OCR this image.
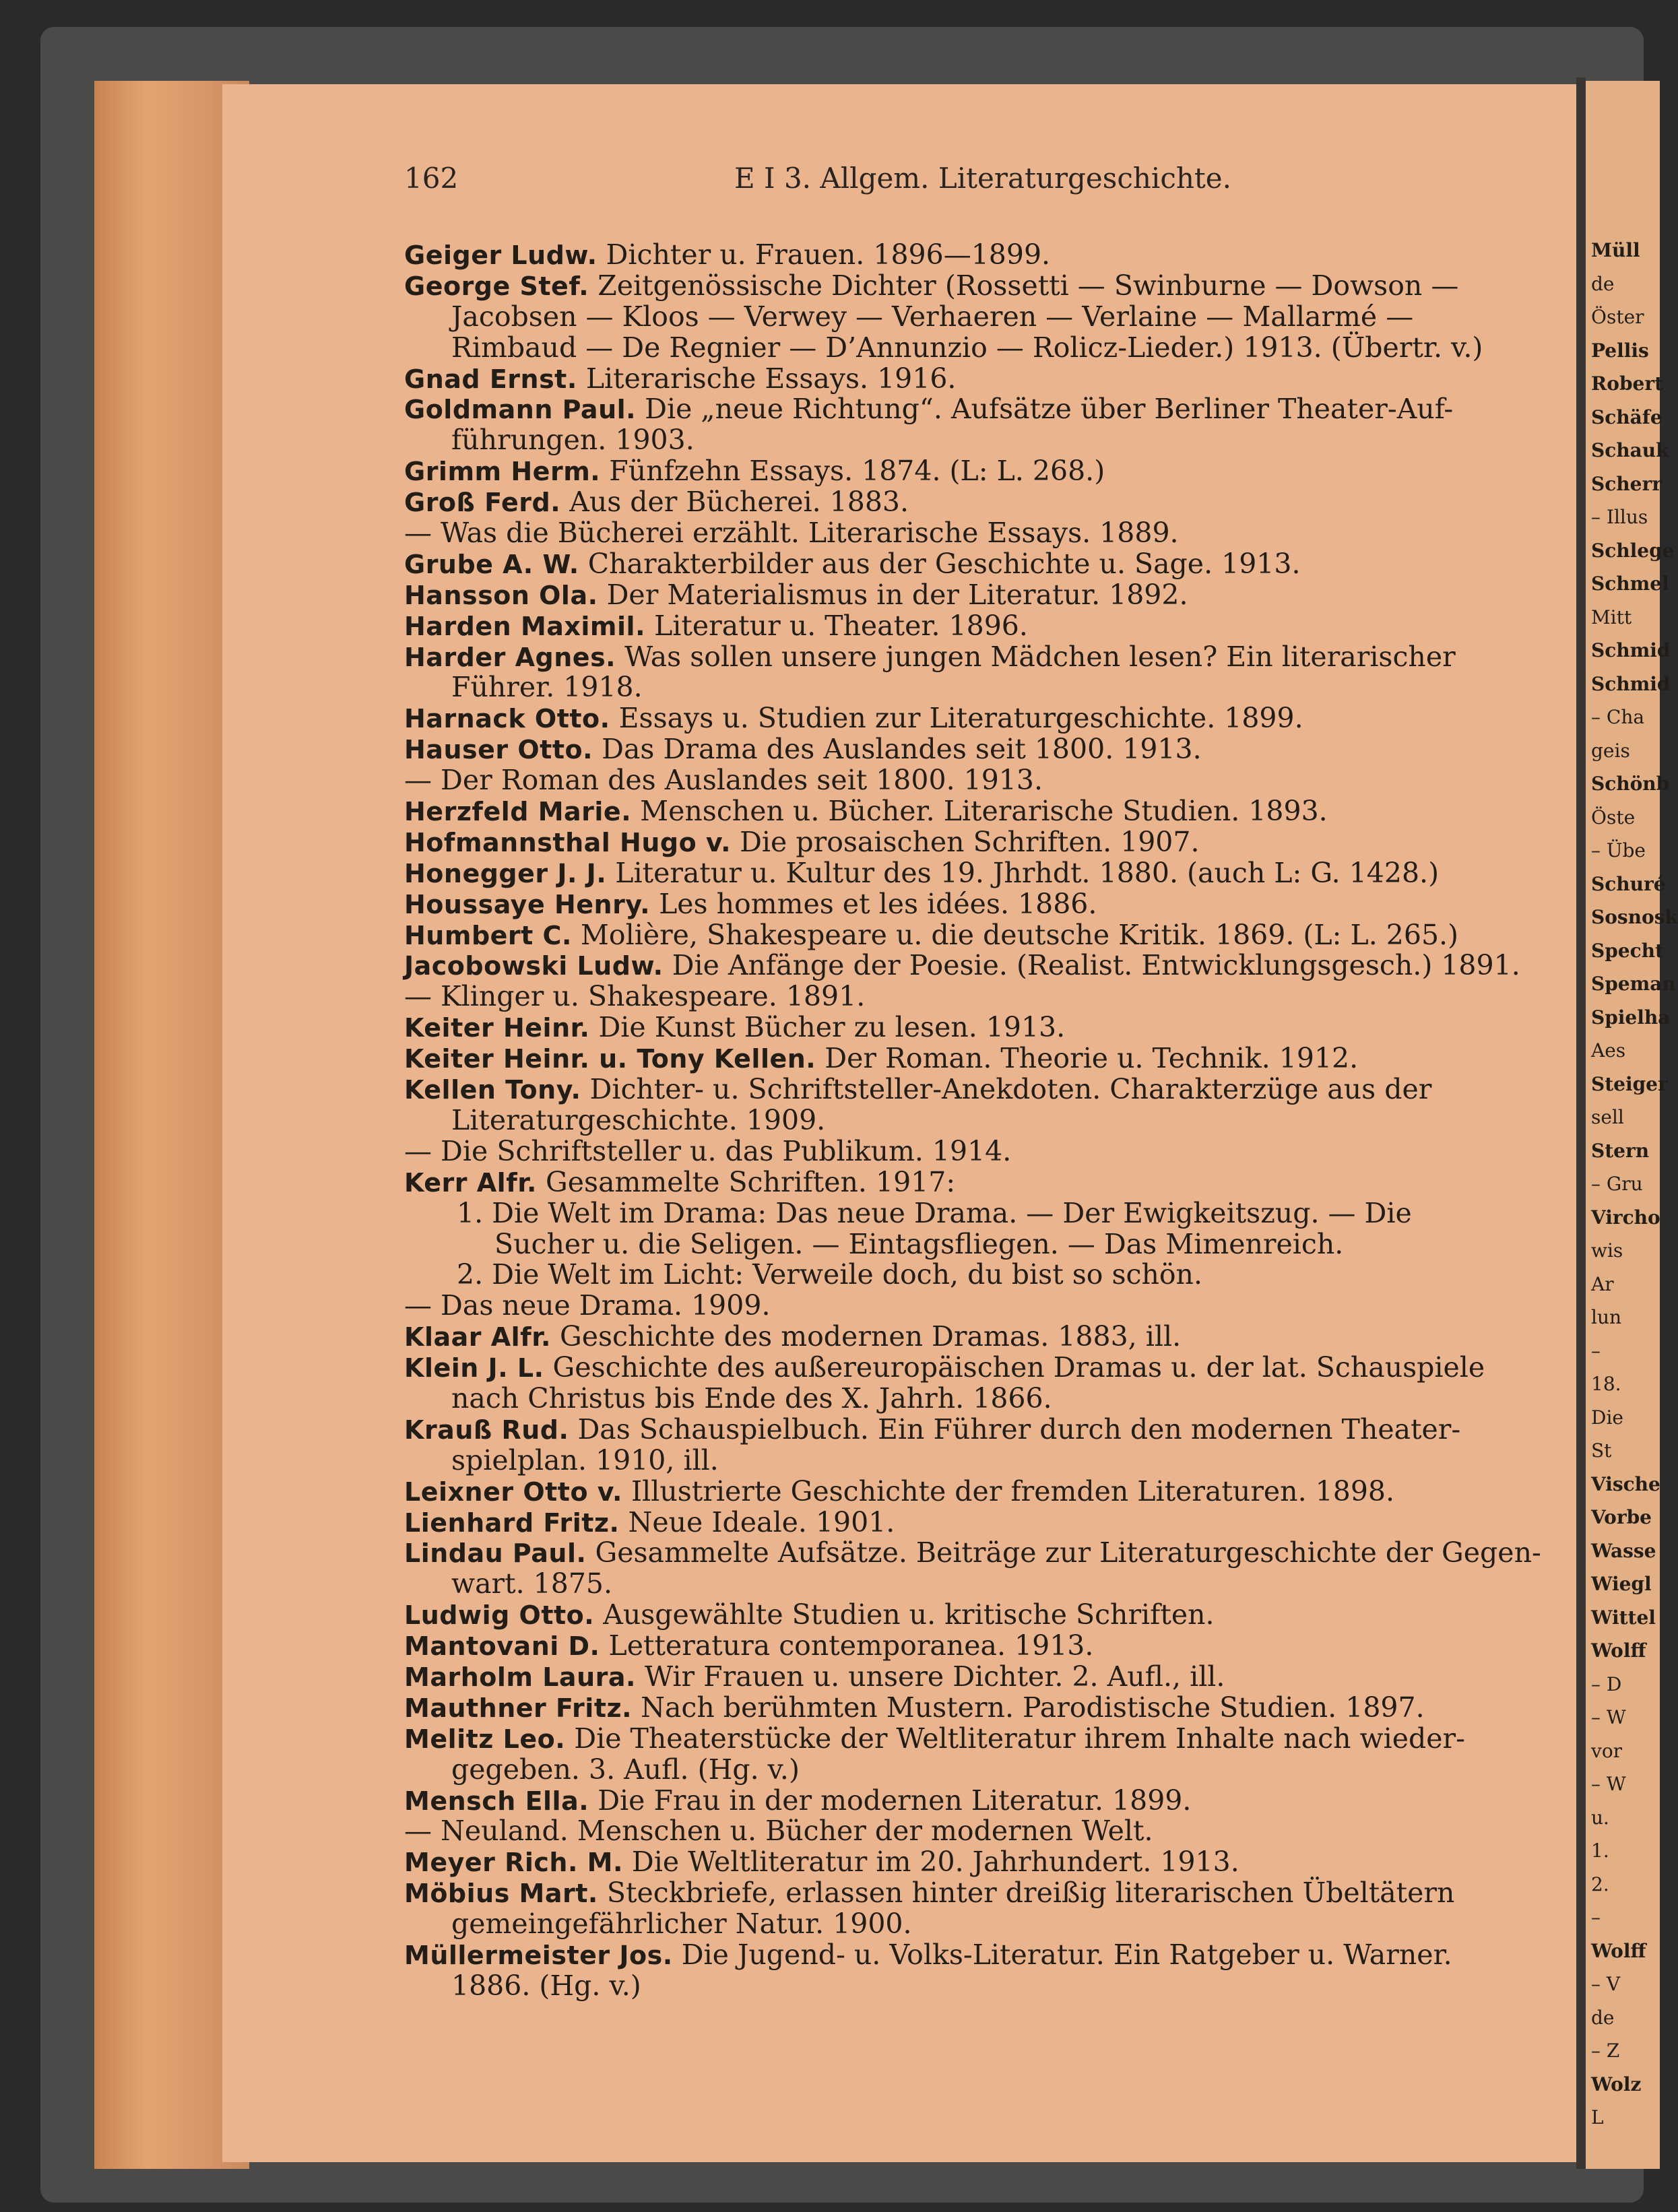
Müll
de
Öster
Pellis
Robert
Schäfe
Schauk
Scherr
– Illus
Schlege
Schmel
Mitt
Schmid
Schmid
– Cha
geis
Schönb
Öste
– Übe
Schuré
Sosnosk
Specht
Speman
Spielha
Aes
Steiger
sell
Stern
– Gru
Vircho
wis
Ar
lun
–
18.
Die
St
Vische
Vorbe
Wasse
Wiegl
Wittel
Wolff
– D
– W
vor
– W
u.
1.
2.
–
Wolff
– V
de
– Z
Wolz
L
162	E I 3. Allgem. Literaturgeschichte.
Geiger Ludw. Dichter u. Frauen. 1896—1899.
George Stef. Zeitgenössische Dichter (Rossetti — Swinburne — Dowson —
Jacobsen — Kloos — Verwey — Verhaeren — Verlaine — Mallarmé —
Rimbaud — De Regnier — D’Annunzio — Rolicz-Lieder.) 1913. (Übertr. v.)
Gnad Ernst. Literarische Essays. 1916.
Goldmann Paul. Die „neue Richtung“. Aufsätze über Berliner Theater-Auf-
führungen. 1903.
Grimm Herm. Fünfzehn Essays. 1874. (L: L. 268.)
Groß Ferd. Aus der Bücherei. 1883.
— Was die Bücherei erzählt. Literarische Essays. 1889.
Grube A. W. Charakterbilder aus der Geschichte u. Sage. 1913.
Hansson Ola. Der Materialismus in der Literatur. 1892.
Harden Maximil. Literatur u. Theater. 1896.
Harder Agnes. Was sollen unsere jungen Mädchen lesen? Ein literarischer
Führer. 1918.
Harnack Otto. Essays u. Studien zur Literaturgeschichte. 1899.
Hauser Otto. Das Drama des Auslandes seit 1800. 1913.
— Der Roman des Auslandes seit 1800. 1913.
Herzfeld Marie. Menschen u. Bücher. Literarische Studien. 1893.
Hofmannsthal Hugo v. Die prosaischen Schriften. 1907.
Honegger J. J. Literatur u. Kultur des 19. Jhrhdt. 1880. (auch L: G. 1428.)
Houssaye Henry. Les hommes et les idées. 1886.
Humbert C. Molière, Shakespeare u. die deutsche Kritik. 1869. (L: L. 265.)
Jacobowski Ludw. Die Anfänge der Poesie. (Realist. Entwicklungsgesch.) 1891.
— Klinger u. Shakespeare. 1891.
Keiter Heinr. Die Kunst Bücher zu lesen. 1913.
Keiter Heinr. u. Tony Kellen. Der Roman. Theorie u. Technik. 1912.
Kellen Tony. Dichter- u. Schriftsteller-Anekdoten. Charakterzüge aus der
Literaturgeschichte. 1909.
— Die Schriftsteller u. das Publikum. 1914.
Kerr Alfr. Gesammelte Schriften. 1917:
1. Die Welt im Drama: Das neue Drama. — Der Ewigkeitszug. — Die
Sucher u. die Seligen. — Eintagsfliegen. — Das Mimenreich.
2. Die Welt im Licht: Verweile doch, du bist so schön.
— Das neue Drama. 1909.
Klaar Alfr. Geschichte des modernen Dramas. 1883, ill.
Klein J. L. Geschichte des außereuropäischen Dramas u. der lat. Schauspiele
nach Christus bis Ende des X. Jahrh. 1866.
Krauß Rud. Das Schauspielbuch. Ein Führer durch den modernen Theater-
spielplan. 1910, ill.
Leixner Otto v. Illustrierte Geschichte der fremden Literaturen. 1898.
Lienhard Fritz. Neue Ideale. 1901.
Lindau Paul. Gesammelte Aufsätze. Beiträge zur Literaturgeschichte der Gegen-
wart. 1875.
Ludwig Otto. Ausgewählte Studien u. kritische Schriften.
Mantovani D. Letteratura contemporanea. 1913.
Marholm Laura. Wir Frauen u. unsere Dichter. 2. Aufl., ill.
Mauthner Fritz. Nach berühmten Mustern. Parodistische Studien. 1897.
Melitz Leo. Die Theaterstücke der Weltliteratur ihrem Inhalte nach wieder-
gegeben. 3. Aufl. (Hg. v.)
Mensch Ella. Die Frau in der modernen Literatur. 1899.
— Neuland. Menschen u. Bücher der modernen Welt.
Meyer Rich. M. Die Weltliteratur im 20. Jahrhundert. 1913.
Möbius Mart. Steckbriefe, erlassen hinter dreißig literarischen Übeltätern
gemeingefährlicher Natur. 1900.
Müllermeister Jos. Die Jugend- u. Volks-Literatur. Ein Ratgeber u. Warner.
1886. (Hg. v.)
